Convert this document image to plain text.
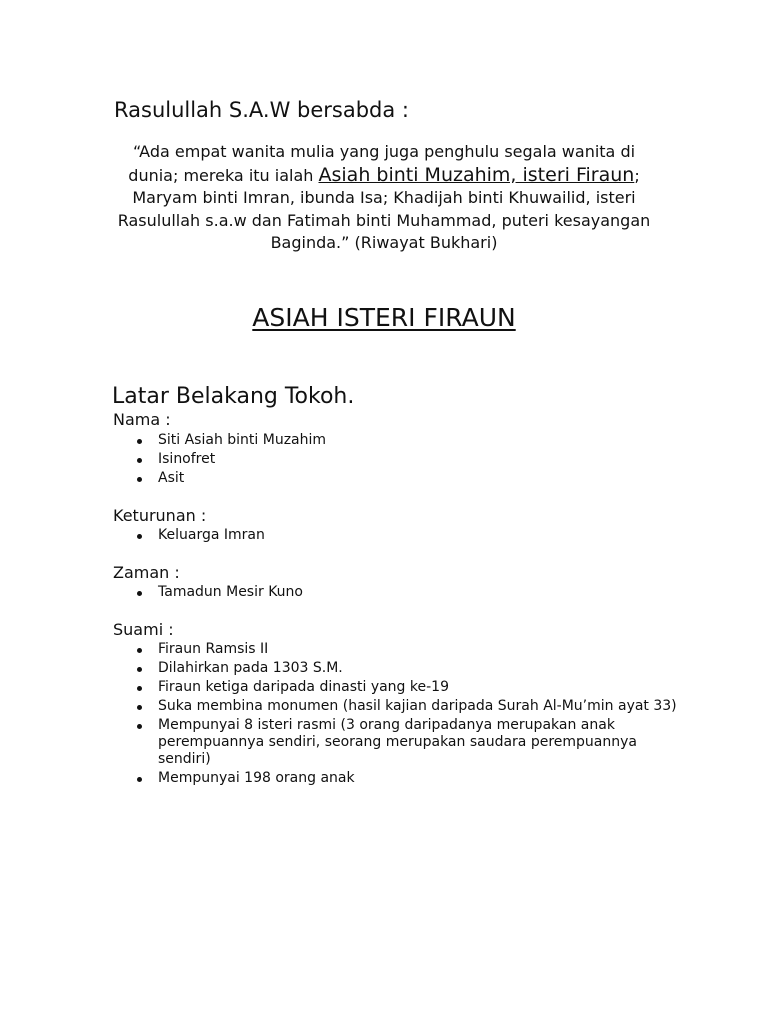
Rasulullah S.A.W bersabda :

“Ada empat wanita mulia yang juga penghulu segala wanita di dunia; mereka itu ialah Asiah binti Muzahim, isteri Firaun; Maryam binti Imran, ibunda Isa; Khadijah binti Khuwailid, isteri Rasulullah s.a.w dan Fatimah binti Muhammad, puteri kesayangan Baginda.” (Riwayat Bukhari)

ASIAH ISTERI FIRAUN
Latar Belakang Tokoh.
Nama :
Siti Asiah binti Muzahim
Isinofret
Asit
Keturunan :
Keluarga Imran
Zaman :
Tamadun Mesir Kuno
Suami :
Firaun Ramsis II
Dilahirkan pada 1303 S.M.
Firaun ketiga daripada dinasti yang ke-19
Suka membina monumen (hasil kajian daripada Surah Al-Mu’min ayat 33)
Mempunyai 8 isteri rasmi (3 orang daripadanya merupakan anak perempuannya sendiri, seorang merupakan saudara perempuannya sendiri)
Mempunyai 198 orang anak
